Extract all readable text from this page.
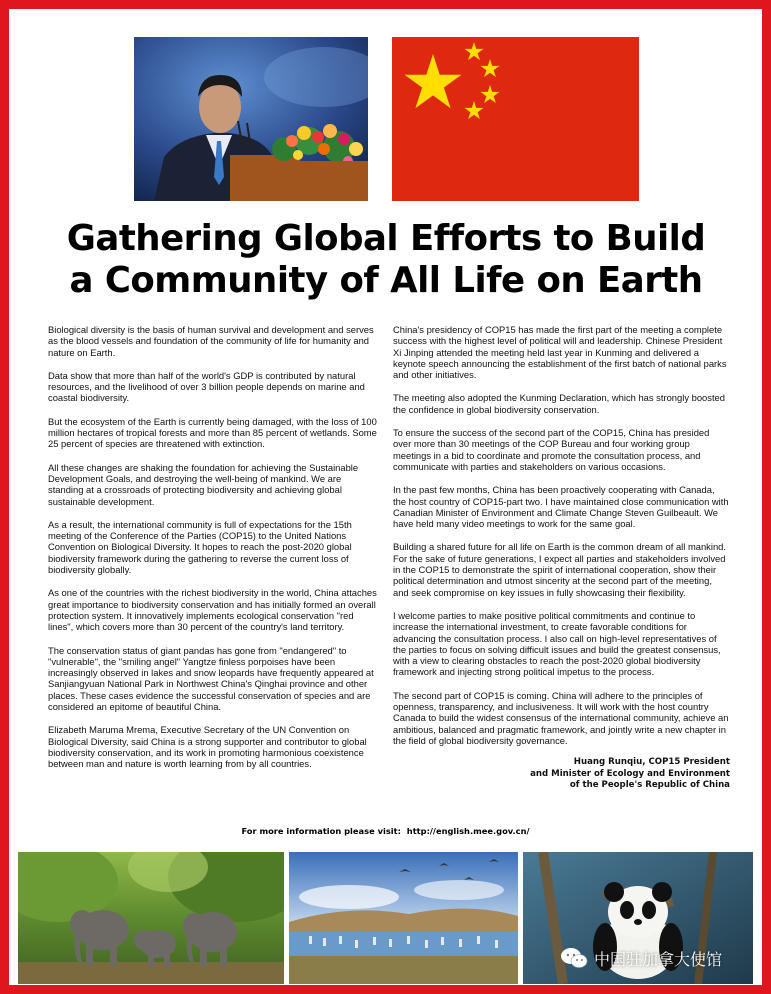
Gathering Global Efforts to Build
a Community of All Life on Earth

Biological diversity is the basis of human survival and development and serves as the blood vessels and foundation of the community of life for humanity and nature on Earth.

Data show that more than half of the world's GDP is contributed by natural resources, and the livelihood of over 3 billion people depends on marine and coastal biodiversity.

But the ecosystem of the Earth is currently being damaged, with the loss of 100 million hectares of tropical forests and more than 85 percent of wetlands. Some 25 percent of species are threatened with extinction.

All these changes are shaking the foundation for achieving the Sustainable Development Goals, and destroying the well-being of mankind. We are standing at a crossroads of protecting biodiversity and achieving global sustainable development.

As a result, the international community is full of expectations for the 15th meeting of the Conference of the Parties (COP15) to the United Nations Convention on Biological Diversity. It hopes to reach the post-2020 global biodiversity framework during the gathering to reverse the current loss of biodiversity globally.

As one of the countries with the richest biodiversity in the world, China attaches great importance to biodiversity conservation and has initially formed an overall protection system. It innovatively implements ecological conservation "red lines", which covers more than 30 percent of the country's land territory.

The conservation status of giant pandas has gone from "endangered" to "vulnerable", the "smiling angel" Yangtze finless porpoises have been increasingly observed in lakes and snow leopards have frequently appeared at Sanjiangyuan National Park in Northwest China's Qinghai province and other places. These cases evidence the successful conservation of species and are considered an epitome of beautiful China.

Elizabeth Maruma Mrema, Executive Secretary of the UN Convention on Biological Diversity, said China is a strong supporter and contributor to global biodiversity conservation, and its work in promoting harmonious coexistence between man and nature is worth learning from by all countries.

China's presidency of COP15 has made the first part of the meeting a complete success with the highest level of political will and leadership. Chinese President Xi Jinping attended the meeting held last year in Kunming and delivered a keynote speech announcing the establishment of the first batch of national parks and other initiatives.

The meeting also adopted the Kunming Declaration, which has strongly boosted the confidence in global biodiversity conservation.

To ensure the success of the second part of the COP15, China has presided over more than 30 meetings of the COP Bureau and four working group meetings in a bid to coordinate and promote the consultation process, and communicate with parties and stakeholders on various occasions.

In the past few months, China has been proactively cooperating with Canada, the host country of COP15-part two. I have maintained close communication with Canadian Minister of Environment and Climate Change Steven Guilbeault. We have held many video meetings to work for the same goal.

Building a shared future for all life on Earth is the common dream of all mankind. For the sake of future generations, I expect all parties and stakeholders involved in the COP15 to demonstrate the spirit of international cooperation, show their political determination and utmost sincerity at the second part of the meeting, and seek compromise on key issues in fully showcasing their flexibility.

I welcome parties to make positive political commitments and continue to increase the international investment, to create favorable conditions for advancing the consultation process. I also call on high-level representatives of the parties to focus on solving difficult issues and build the greatest consensus, with a view to clearing obstacles to reach the post-2020 global biodiversity framework and injecting strong political impetus to the process.

The second part of COP15 is coming. China will adhere to the principles of openness, transparency, and inclusiveness. It will work with the host country Canada to build the widest consensus of the international community, achieve an ambitious, balanced and pragmatic framework, and jointly write a new chapter in the field of global biodiversity governance.

Huang Runqiu, COP15 President
and Minister of Ecology and Environment
of the People's Republic of China
For more information please visit: http://english.mee.gov.cn/
中国驻加拿大使馆
